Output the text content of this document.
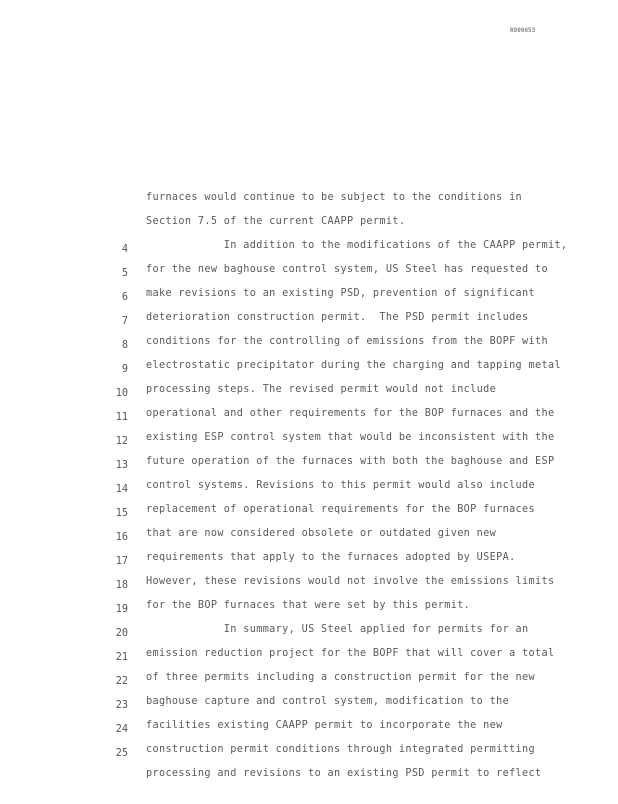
R000653

furnaces would continue to be subject to the conditions in

Section 7.5 of the current CAAPP permit.

In addition to the modifications of the CAAPP permit,

4

for the new baghouse control system, US Steel has requested to

5

make revisions to an existing PSD, prevention of significant

6

deterioration construction permit.  The PSD permit includes

7

conditions for the controlling of emissions from the BOPF with

8

electrostatic precipitator during the charging and tapping metal

9

processing steps. The revised permit would not include

10

operational and other requirements for the BOP furnaces and the

11

existing ESP control system that would be inconsistent with the

12

future operation of the furnaces with both the baghouse and ESP

13

control systems. Revisions to this permit would also include

14

replacement of operational requirements for the BOP furnaces

15

that are now considered obsolete or outdated given new

16

requirements that apply to the furnaces adopted by USEPA.

17

However, these revisions would not involve the emissions limits

18

for the BOP furnaces that were set by this permit.

19

In summary, US Steel applied for permits for an

20

emission reduction project for the BOPF that will cover a total

21

of three permits including a construction permit for the new

22

baghouse capture and control system, modification to the

23

facilities existing CAAPP permit to incorporate the new

24

construction permit conditions through integrated permitting

25

processing and revisions to an existing PSD permit to reflect
